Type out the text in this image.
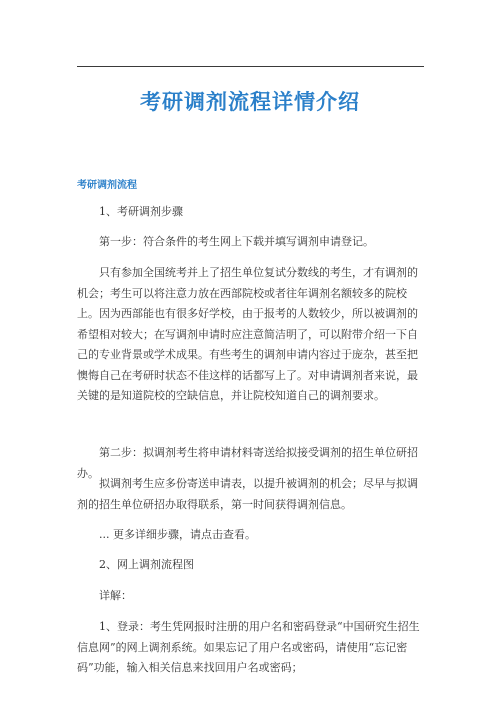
考研调剂流程详情介绍
考研调剂流程
1、考研调剂步骤
第一步：符合条件的考生网上下载并填写调剂申请登记。
只有参加全国统考并上了招生单位复试分数线的考生，才有调剂的机会；考生可以将注意力放在西部院校或者往年调剂名额较多的院校上。因为西部能也有很多好学校，由于报考的人数较少，所以被调剂的希望相对较大；在写调剂申请时应注意简洁明了，可以附带介绍一下自己的专业背景或学术成果。有些考生的调剂申请内容过于庞杂，甚至把懊悔自己在考研时状态不佳这样的话都写上了。对申请调剂者来说，最关键的是知道院校的空缺信息，并让院校知道自己的调剂要求。
第二步：拟调剂考生将申请材料寄送给拟接受调剂的招生单位研招办。
拟调剂考生应多份寄送申请表，以提升被调剂的机会；尽早与拟调剂的招生单位研招办取得联系，第一时间获得调剂信息。
... 更多详细步骤，请点击查看。
2、网上调剂流程图
详解：
1、登录：考生凭网报时注册的用户名和密码登录“中国研究生招生信息网”的网上调剂系统。如果忘记了用户名或密码，请使用“忘记密码”功能，输入相关信息来找回用户名或密码；
